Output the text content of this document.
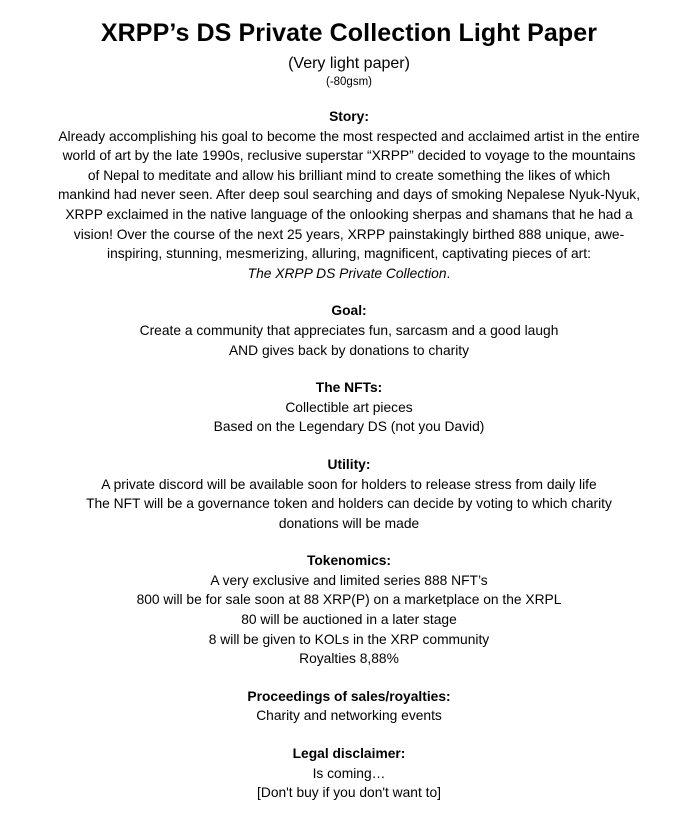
XRPP’s DS Private Collection Light Paper

(Very light paper)

(-80gsm)

Story:

Already accomplishing his goal to become the most respected and acclaimed artist in the entire

world of art by the late 1990s, reclusive superstar “XRPP” decided to voyage to the mountains

of Nepal to meditate and allow his brilliant mind to create something the likes of which

mankind had never seen. After deep soul searching and days of smoking Nepalese Nyuk-Nyuk,

XRPP exclaimed in the native language of the onlooking sherpas and shamans that he had a

vision! Over the course of the next 25 years, XRPP painstakingly birthed 888 unique, awe-

inspiring, stunning, mesmerizing, alluring, magnificent, captivating pieces of art:

The XRPP DS Private Collection.

Goal:

Create a community that appreciates fun, sarcasm and a good laugh

AND gives back by donations to charity

The NFTs:

Collectible art pieces

Based on the Legendary DS (not you David)

Utility:

A private discord will be available soon for holders to release stress from daily life

The NFT will be a governance token and holders can decide by voting to which charity

donations will be made

Tokenomics:

A very exclusive and limited series 888 NFT’s

800 will be for sale soon at 88 XRP(P) on a marketplace on the XRPL

80 will be auctioned in a later stage

8 will be given to KOLs in the XRP community

Royalties 8,88%

Proceedings of sales/royalties:

Charity and networking events

Legal disclaimer:

Is coming…

[Don't buy if you don't want to]
